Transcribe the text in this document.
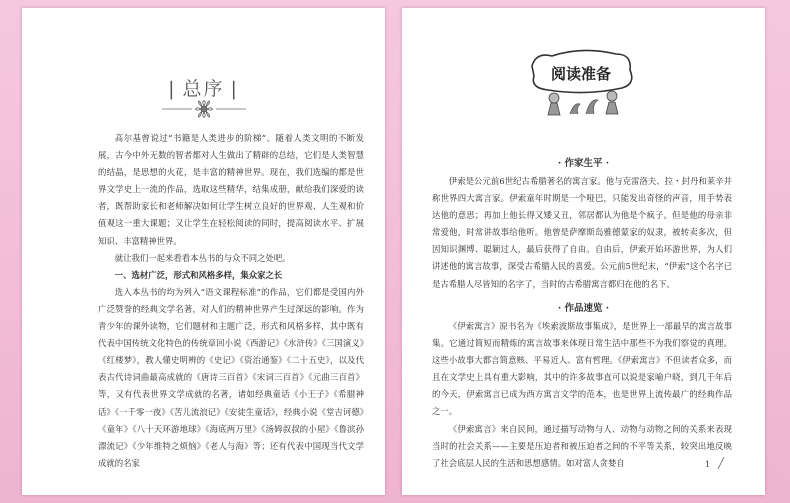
| 总序 |

高尔基曾说过“书籍是人类进步的阶梯”。随着人类文明的不断发展，古今中外无数的智者都对人生做出了精辟的总结，它们是人类智慧的结晶，是思想的火花，是丰富的精神世界。现在，我们选编的都是世界文学史上一流的作品，选取这些精华，结集成册，献给我们深爱的读者，既帮助家长和老师解决如何让学生树立良好的世界观、人生观和价值观这一重大课题；又让学生在轻松阅读的同时，提高阅读水平、扩展知识、丰富精神世界。

就让我们一起来看看本丛书的与众不同之处吧。

一、选材广泛，形式和风格多样，集众家之长

选入本丛书的均为列入“语文课程标准”的作品，它们都是受国内外广泛赞誉的经典文学名著，对人们的精神世界产生过深远的影响。作为青少年的课外读物，它们题材和主题广泛，形式和风格多样，其中既有代表中国传统文化特色的传统章回小说《西游记》《水浒传》《三国演义》《红楼梦》，教人懂史明辨的《史记》《资治通鉴》《二十五史》，以及代表古代诗词曲最高成就的《唐诗三百首》《宋词三百首》《元曲三百首》等，又有代表世界文学成就的名著，诸如经典童话《小王子》《希腊神话》《一千零一夜》《苦儿流浪记》《安徒生童话》，经典小说《堂吉诃德》《童年》《八十天环游地球》《海底两万里》《汤姆叔叔的小屋》《鲁滨孙漂流记》《少年维特之烦恼》《老人与海》等；还有代表中国现当代文学成就的名家

阅读准备
· 作家生平 ·

伊索是公元前6世纪古希腊著名的寓言家。他与克雷洛夫、拉・封丹和莱辛并称世界四大寓言家。伊索童年时期是一个哑巴，只能发出奇怪的声音，用手势表达他的意思；再加上他长得又矮又丑，邻居都认为他是个疯子。但是他的母亲非常爱他，时常讲故事给他听。他曾是萨摩斯岛雅德蒙家的奴隶，被转卖多次，但因知识渊博、聪颖过人，最后获得了自由。自由后，伊索开始环游世界，为人们讲述他的寓言故事，深受古希腊人民的喜爱。公元前5世纪末，“伊索”这个名字已是古希腊人尽皆知的名字了，当时的古希腊寓言都归在他的名下。

· 作品速览 ·

《伊索寓言》原书名为《埃索波斯故事集成》，是世界上一部最早的寓言故事集。它通过简短而精炼的寓言故事来体现日常生活中那些不为我们察觉的真理。这些小故事大都言简意赅、平易近人、富有哲理。《伊索寓言》不但读者众多，而且在文学史上具有重大影响，其中的许多故事直可以说是家喻户晓，到几千年后的今天，伊索寓言已成为西方寓言文学的范本，也是世界上流传最广的经典作品之一。

《伊索寓言》来自民间，通过描写动物与人、动物与动物之间的关系来表现当时的社会关系——主要是压迫者和被压迫者之间的不平等关系，较突出地反映了社会底层人民的生活和思想感情。如对富人贪婪自	1
